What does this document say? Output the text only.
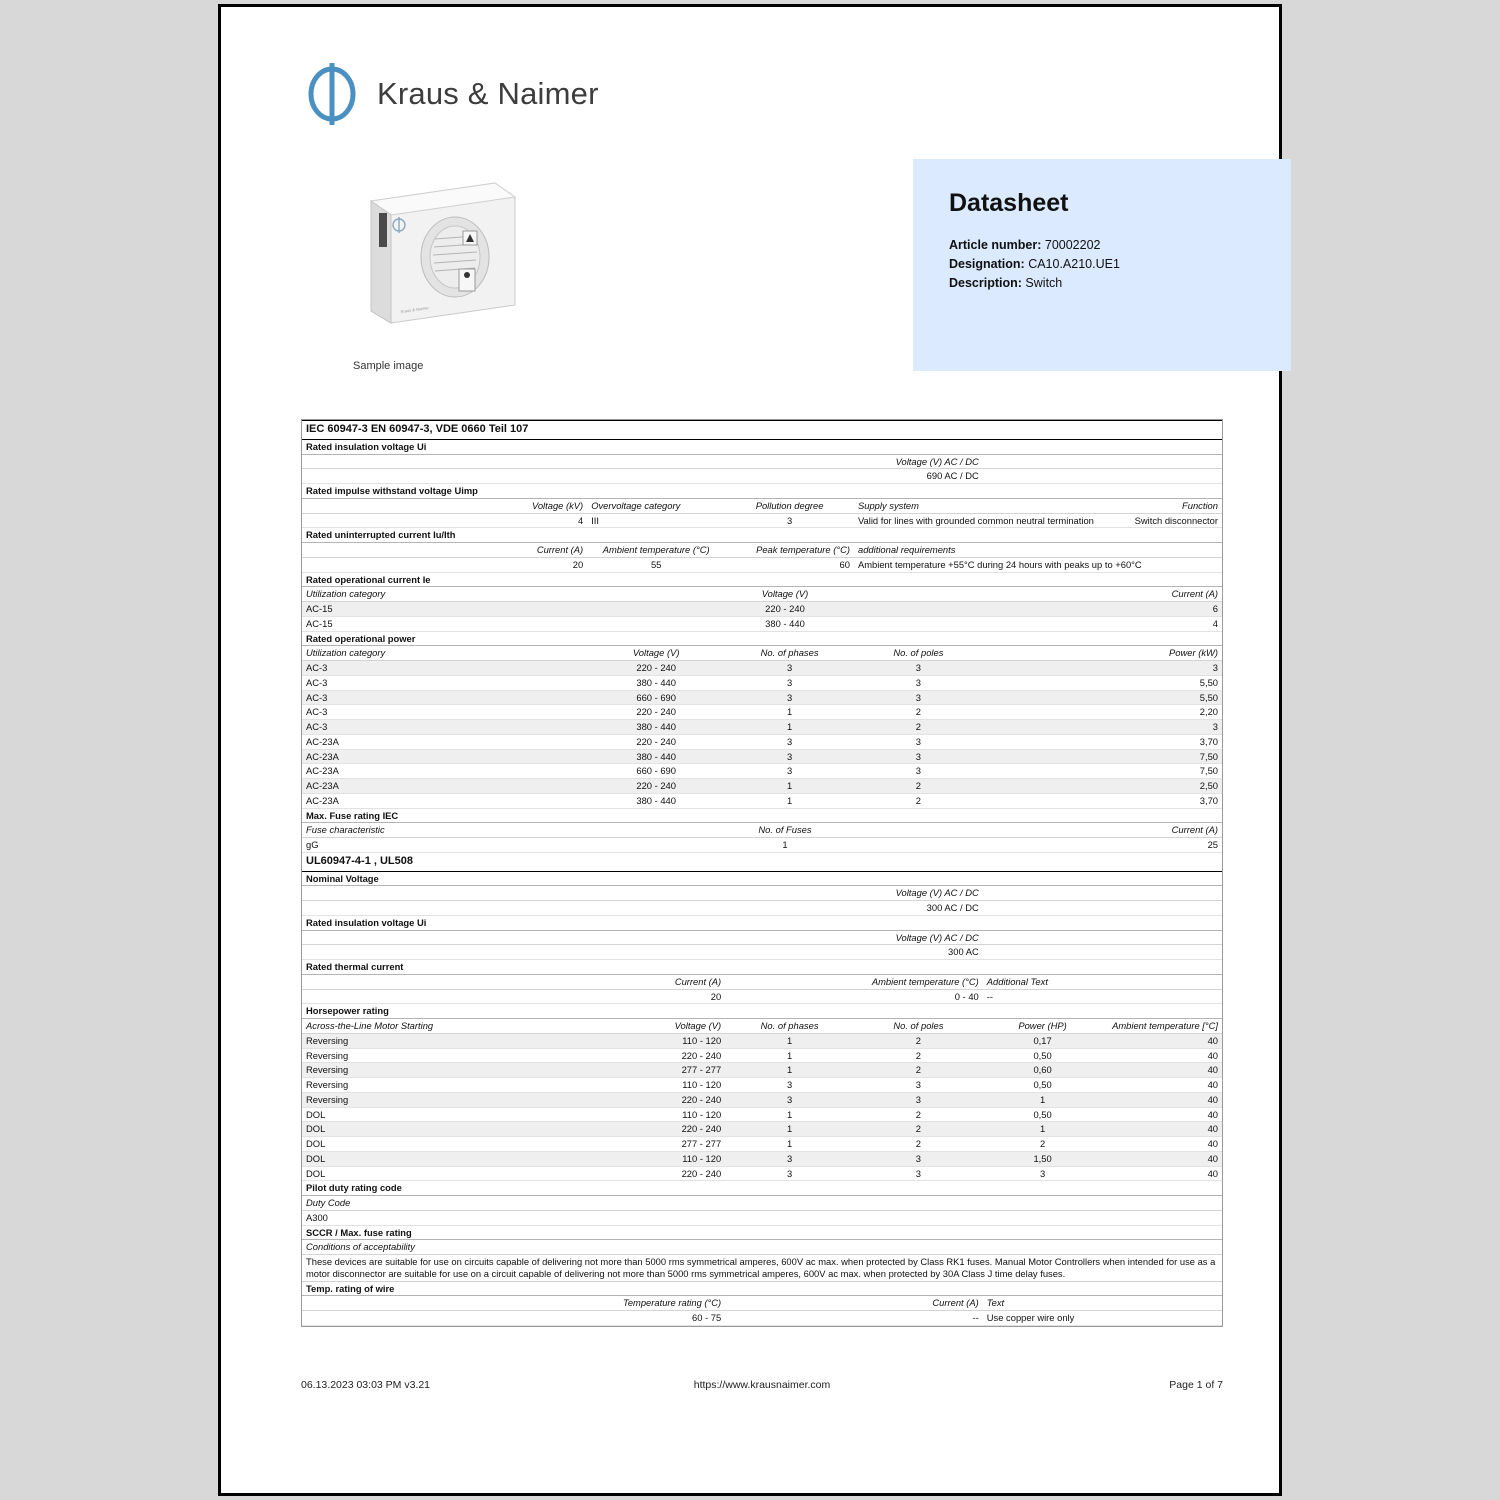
Kraus & Naimer
Kraus & Naimer
Sample image
Datasheet
Article number: 70002202
Designation: CA10.A210.UE1
Description: Switch
IEC 60947-3 EN 60947-3, VDE 0660 Teil 107					
Rated insulation voltage Ui					
Voltage (V) AC / DC					
690 AC / DC					
Rated impulse withstand voltage Uimp					
Voltage (kV)	Overvoltage category	Pollution degree	Supply system		Function
4	III	3	Valid for lines with grounded common neutral termination		Switch disconnector
Rated uninterrupted current Iu/Ith					
Current (A)	Ambient temperature (°C)	Peak temperature (°C)	additional requirements		
20	55	60	Ambient temperature +55°C during 24 hours with peaks up to +60°C		
Rated operational current Ie					
Utilization category	Voltage (V)			Current (A)	
AC-15	220 - 240			6	
AC-15	380 - 440			4	
Rated operational power					
Utilization category	Voltage (V)	No. of phases	No. of poles	Power (kW)	
AC-3	220 - 240	3	3	3	
AC-3	380 - 440	3	3	5,50	
AC-3	660 - 690	3	3	5,50	
AC-3	220 - 240	1	2	2,20	
AC-3	380 - 440	1	2	3	
AC-23A	220 - 240	3	3	3,70	
AC-23A	380 - 440	3	3	7,50	
AC-23A	660 - 690	3	3	7,50	
AC-23A	220 - 240	1	2	2,50	
AC-23A	380 - 440	1	2	3,70	
Max. Fuse rating IEC					
Fuse characteristic	No. of Fuses			Current (A)	
gG	1			25	
UL60947-4-1 , UL508					
Nominal Voltage					
Voltage (V) AC / DC					
300 AC / DC					
Rated insulation voltage Ui					
Voltage (V) AC / DC					
300 AC					
Rated thermal current					
Current (A)		Ambient temperature (°C)		Additional Text	
20		0 - 40		--	
Horsepower rating					
Across-the-Line Motor Starting	Voltage (V)	No. of phases	No. of poles	Power (HP)	Ambient temperature [°C]
Reversing	110 - 120	1	2	0,17	40
Reversing	220 - 240	1	2	0,50	40
Reversing	277 - 277	1	2	0,60	40
Reversing	110 - 120	3	3	0,50	40
Reversing	220 - 240	3	3	1	40
DOL	110 - 120	1	2	0,50	40
DOL	220 - 240	1	2	1	40
DOL	277 - 277	1	2	2	40
DOL	110 - 120	3	3	1,50	40
DOL	220 - 240	3	3	3	40
Pilot duty rating code					
Duty Code					
A300					
SCCR / Max. fuse rating					
Conditions of acceptability					
These devices are suitable for use on circuits capable of delivering not more than 5000 rms symmetrical amperes, 600V ac max. when protected by Class RK1 fuses. Manual Motor Controllers when intended for use as a motor disconnector are suitable for use on a circuit capable of delivering not more than 5000 rms symmetrical amperes, 600V ac max. when protected by 30A Class J time delay fuses.					
Temp. rating of wire					
Temperature rating (°C)		Current (A)		Text	
60 - 75		--		Use copper wire only	
06.13.2023 03:03 PM v3.21	https://www.krausnaimer.com	Page 1 of 7
